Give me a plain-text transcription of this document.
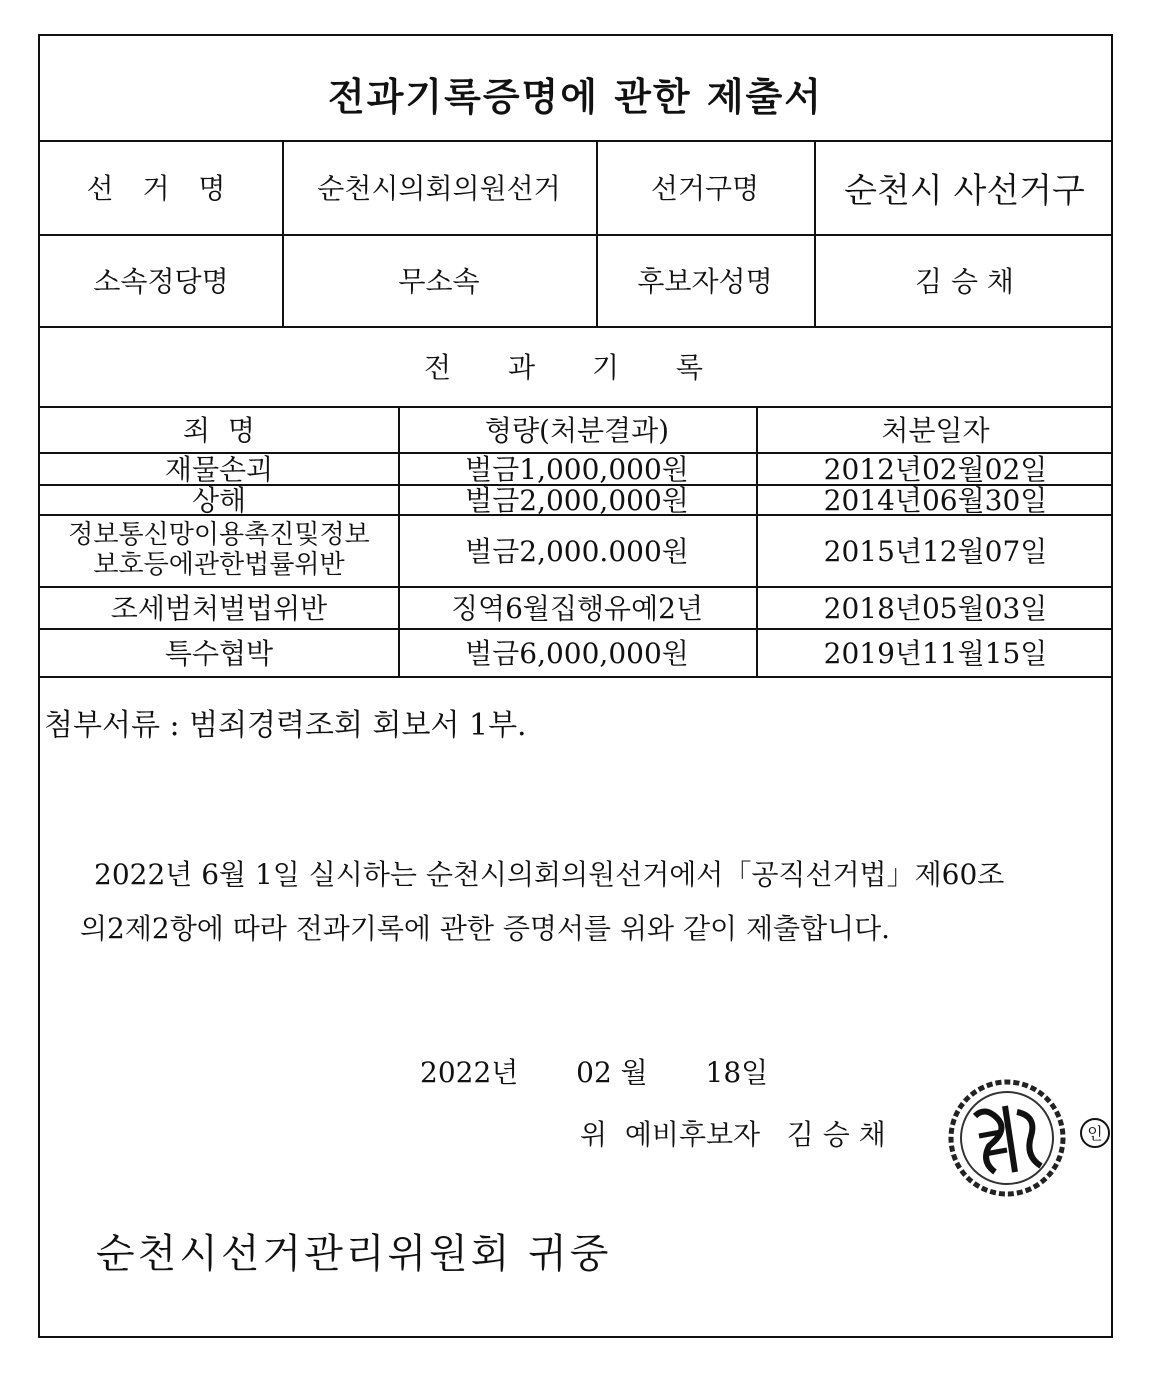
전과기록증명에 관한 제출서
선 거 명	순천시의회의원선거	선거구명	순천시 사선거구
소속정당명	무소속	후보자성명	김 승 채
전 과 기 록
죄  명	형량(처분결과)	처분일자
재물손괴	벌금1,000,000원	2012년02월02일
상해	벌금2,000,000원	2014년06월30일
정보통신망이용촉진및정보
보호등에관한법률위반	벌금2,000.000원	2015년12월07일
조세범처벌법위반	징역6월집행유예2년	2018년05월03일
특수협박	벌금6,000,000원	2019년11월15일
첨부서류 : 범죄경력조회 회보서 1부.
2022년 6월 1일 실시하는 순천시의회의원선거에서「공직선거법」제60조
의2제2항에 따라 전과기록에 관한 증명서를 위와 같이 제출합니다.
2022년 02 월 18일
위  예비후보자   김 승 채	인
순천시선거관리위원회 귀중
